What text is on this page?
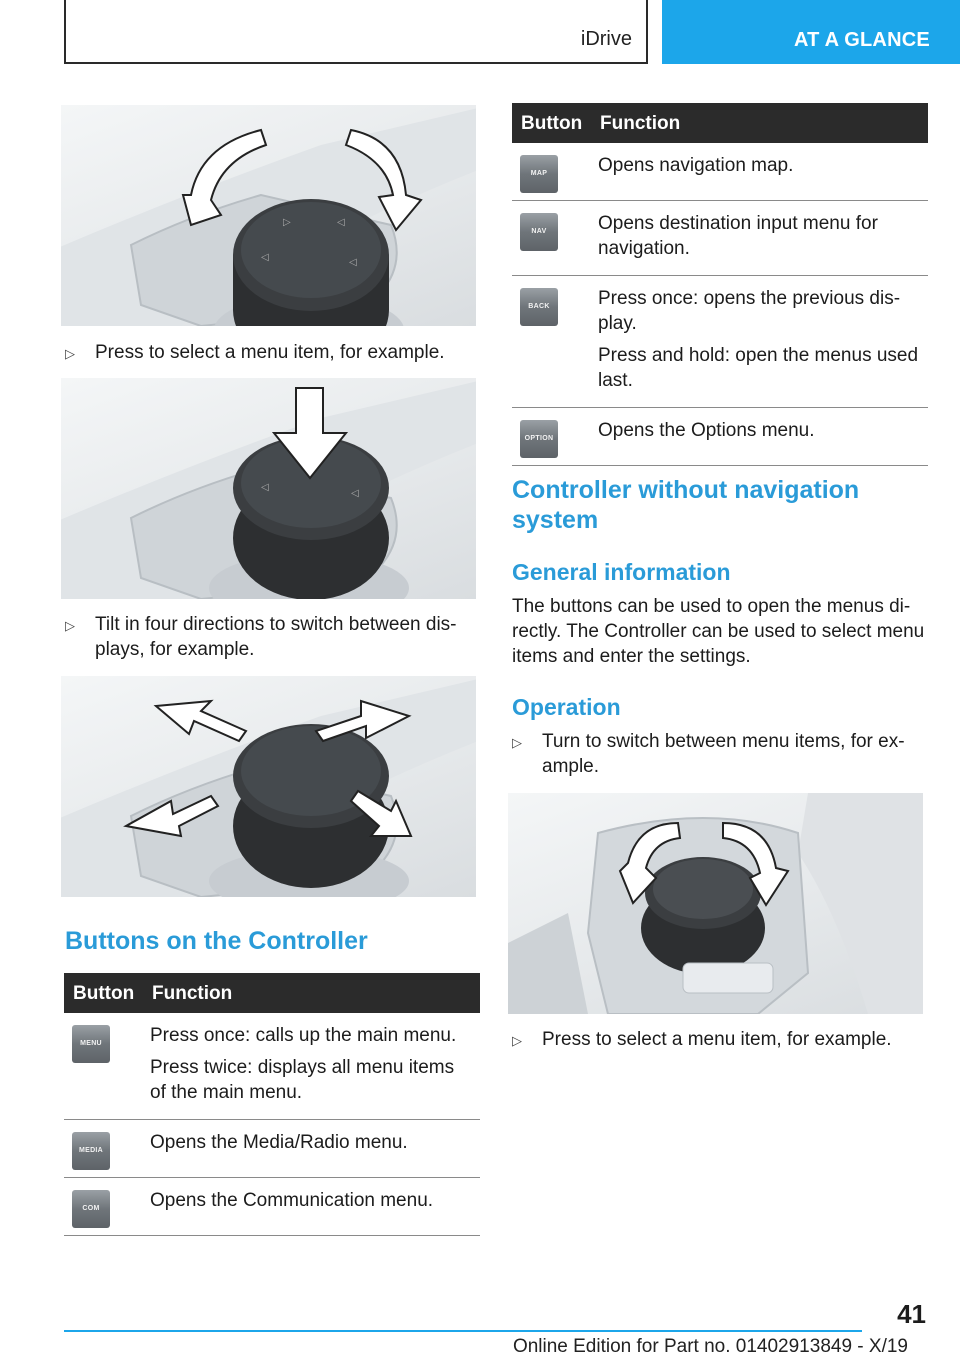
iDrive	AT A GLANCE
▷	◁
◁	◁
▷ Press to select a menu item, for example.
◁
◁
▷ Tilt in four directions to switch between dis-plays, for example.
Buttons on the Controller
Button Function
MENU	Press once: calls up the main menu.

Press twice: displays all menu items of the main menu.

MEDIA	Opens the Media/Radio menu.

COM	Opens the Communication menu.

Button Function
MAP	Opens navigation map.

NAV	Opens destination input menu for navigation.

BACK	Press once: opens the previous dis-play.

Press and hold: open the menus used last.

OPTION Opens the Options menu.

Controller without navigation system
General information

The buttons can be used to open the menus di-rectly. The Controller can be used to select menu items and enter the settings.

Operation
▷ Turn to switch between menu items, for ex-ample.
▷ Press to select a menu item, for example.
41
Online Edition for Part no. 01402913849 - X/19
